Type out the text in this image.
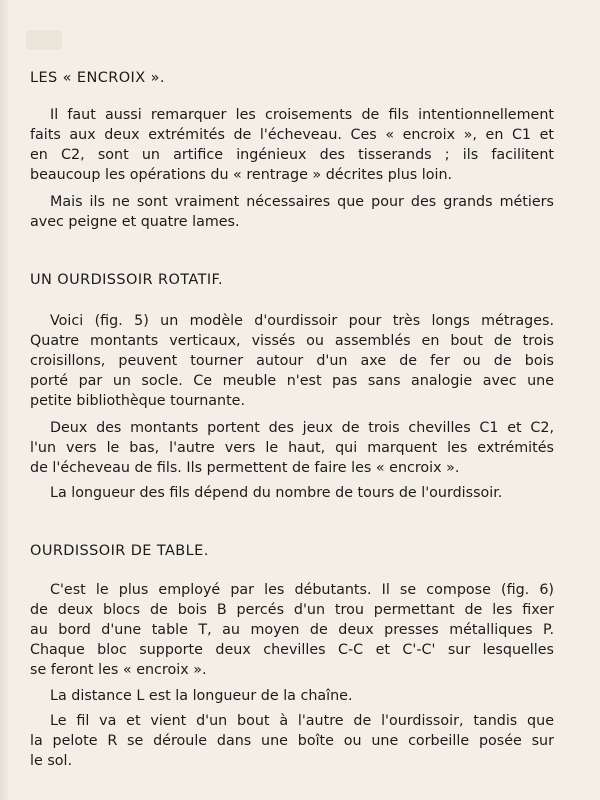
LES « ENCROIX ».
Il faut aussi remarquer les croisements de fils intentionnellement
faits aux deux extrémités de l'écheveau. Ces « encroix », en C1 et
en C2, sont un artifice ingénieux des tisserands ; ils facilitent
beaucoup les opérations du « rentrage » décrites plus loin.
Mais ils ne sont vraiment nécessaires que pour des grands métiers
avec peigne et quatre lames.
UN OURDISSOIR ROTATIF.
Voici (fig. 5) un modèle d'ourdissoir pour très longs métrages.
Quatre montants verticaux, vissés ou assemblés en bout de trois
croisillons, peuvent tourner autour d'un axe de fer ou de bois
porté par un socle. Ce meuble n'est pas sans analogie avec une
petite bibliothèque tournante.
Deux des montants portent des jeux de trois chevilles C1 et C2,
l'un vers le bas, l'autre vers le haut, qui marquent les extrémités
de l'écheveau de fils. Ils permettent de faire les « encroix ».
La longueur des fils dépend du nombre de tours de l'ourdissoir.
OURDISSOIR DE TABLE.
C'est le plus employé par les débutants. Il se compose (fig. 6)
de deux blocs de bois B percés d'un trou permettant de les fixer
au bord d'une table T, au moyen de deux presses métalliques P.
Chaque bloc supporte deux chevilles C-C et C'-C' sur lesquelles
se feront les « encroix ».
La distance L est la longueur de la chaîne.
Le fil va et vient d'un bout à l'autre de l'ourdissoir, tandis que
la pelote R se déroule dans une boîte ou une corbeille posée sur
le sol.
